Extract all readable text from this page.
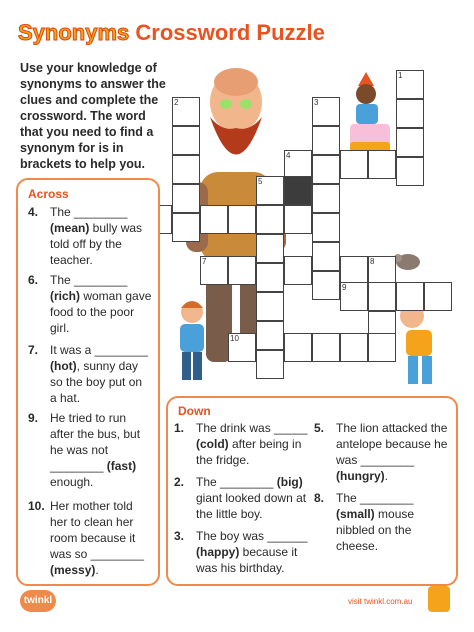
Synonyms Crossword Puzzle
Use your knowledge of synonyms to answer the clues and complete the crossword. The word that you need to find a synonym for is in brackets to help you.
1
2	3
4
5
7	8
9
10
Across
4. The ________ (mean) bully was told off by the teacher.
6. The ________ (rich) woman gave food to the poor girl.
7. It was a ________ (hot), sunny day so the boy put on a hat.
9. He tried to run after the bus, but he was not ________ (fast) enough.
10. Her mother told her to clean her room because it was so ________ (messy).
Down
1. The drink was _____ (cold) after being in the fridge.
2. The ________ (big) giant looked down at the little boy.
3. The boy was ______ (happy) because it was his birthday.
5. The lion attacked the antelope because he was ________ (hungry).
8. The ________ (small) mouse nibbled on the cheese.
twinkl	visit twinkl.com.au
